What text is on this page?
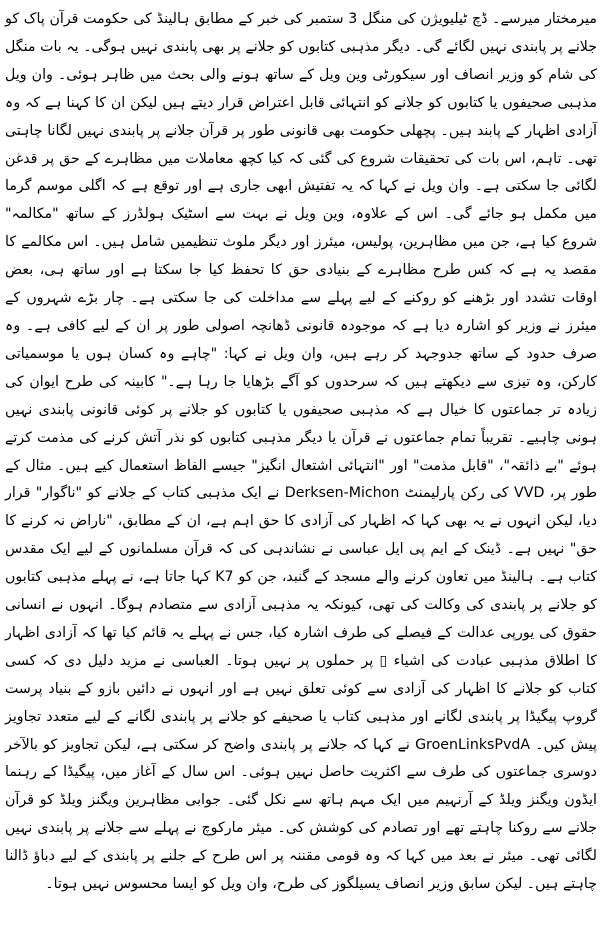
میرمختار میرسے۔ ڈچ ٹیلیویژن کی منگل 3 ستمبر کی خبر کے مطابق ہالینڈ کی حکومت قرآن پاک کو جلانے پر پابندی نہیں لگائے گی۔ دیگر مذہبی کتابوں کو جلانے پر بھی پابندی نہیں ہوگی۔ یہ بات منگل کی شام کو وزیر انصاف اور سیکورٹی وین ویل کے ساتھ ہونے والی بحث میں ظاہر ہوئی۔ وان ویل مذہبی صحیفوں یا کتابوں کو جلانے کو انتہائی قابل اعتراض قرار دیتے ہیں لیکن ان کا کہنا ہے کہ وہ آزادی اظہار کے پابند ہیں۔ پچھلی حکومت بھی قانونی طور پر قرآن جلانے پر پابندی نہیں لگانا چاہتی تھی۔ تاہم، اس بات کی تحقیقات شروع کی گئی کہ کیا کچھ معاملات میں مظاہرے کے حق پر قدغن لگائی جا سکتی ہے۔ وان ویل نے کہا کہ یہ تفتیش ابھی جاری ہے اور توقع ہے کہ اگلی موسم گرما میں مکمل ہو جائے گی۔ اس کے علاوہ، وین ویل نے بہت سے اسٹیک ہولڈرز کے ساتھ "مکالمہ" شروع کیا ہے، جن میں مظاہرین، پولیس، میئرز اور دیگر ملوث تنظیمیں شامل ہیں۔ اس مکالمے کا مقصد یہ ہے کہ کس طرح مظاہرے کے بنیادی حق کا تحفظ کیا جا سکتا ہے اور ساتھ ہی، بعض اوقات تشدد اور بڑھنے کو روکنے کے لیے پہلے سے مداخلت کی جا سکتی ہے۔ چار بڑے شہروں کے میئرز نے وزیر کو اشارہ دیا ہے کہ موجودہ قانونی ڈھانچہ اصولی طور پر ان کے لیے کافی ہے۔ وہ صرف حدود کے ساتھ جدوجہد کر رہے ہیں، وان ویل نے کہا: "چاہے وہ کسان ہوں یا موسمیاتی کارکن، وہ تیزی سے دیکھتے ہیں کہ سرحدوں کو آگے بڑھایا جا رہا ہے۔" کابینہ کی طرح ایوان کی زیادہ تر جماعتوں کا خیال ہے کہ مذہبی صحیفوں یا کتابوں کو جلانے پر کوئی قانونی پابندی نہیں ہونی چاہیے۔ تقریباً تمام جماعتوں نے قرآن یا دیگر مذہبی کتابوں کو نذر آتش کرنے کی مذمت کرتے ہوئے "بے ذائقہ"، "قابل مذمت" اور "انتہائی اشتعال انگیز" جیسے الفاظ استعمال کیے ہیں۔ مثال کے طور پر، VVD کی رکن پارلیمنٹ Derksen-Michon نے ایک مذہبی کتاب کے جلانے کو "ناگوار" قرار دیا، لیکن انہوں نے یہ بھی کہا کہ اظہار کی آزادی کا حق اہم ہے، ان کے مطابق، "ناراض نہ کرنے کا حق" نہیں ہے۔ ڈینک کے ایم پی ایل عباسی نے نشاندہی کی کہ قرآن مسلمانوں کے لیے ایک مقدس کتاب ہے۔ ہالینڈ میں تعاون کرنے والے مسجد کے گنبد، جن کو K7 کہا جاتا ہے، نے پہلے مذہبی کتابوں کو جلانے پر پابندی کی وکالت کی تھی، کیونکہ یہ مذہبی آزادی سے متصادم ہوگا۔ انہوں نے انسانی حقوق کی یورپی عدالت کے فیصلے کی طرف اشارہ کیا، جس نے پہلے یہ قائم کیا تھا کہ آزادی اظہار کا اطلاق مذہبی عبادت کی اشیاء ▯ پر حملوں پر نہیں ہوتا۔ العباسی نے مزید دلیل دی کہ کسی کتاب کو جلانے کا اظہار کی آزادی سے کوئی تعلق نہیں ہے اور انہوں نے دائیں بازو کے بنیاد پرست گروپ پیگیڈا پر پابندی لگانے اور مذہبی کتاب یا صحیفے کو جلانے پر پابندی لگانے کے لیے متعدد تجاویز پیش کیں۔ GroenLinksPvdA نے کہا کہ جلانے پر پابندی واضح کر سکتی ہے، لیکن تجاویز کو بالآخر دوسری جماعتوں کی طرف سے اکثریت حاصل نہیں ہوئی۔ اس سال کے آغاز میں، پیگیڈا کے رہنما ایڈون ویگنز ویلڈ کے آرنہیم میں ایک مہم ہاتھ سے نکل گئی۔ جوابی مظاہرین ویگنز ویلڈ کو قرآن جلانے سے روکنا چاہتے تھے اور تصادم کی کوشش کی۔ میئر مارکوچ نے پہلے سے جلانے پر پابندی نہیں لگائی تھی۔ میئر نے بعد میں کہا کہ وہ قومی مقننہ پر اس طرح کے جلنے پر پابندی کے لیے دباؤ ڈالنا چاہتے ہیں۔ لیکن سابق وزیر انصاف یسیلگوز کی طرح، وان ویل کو ایسا محسوس نہیں ہوتا۔
